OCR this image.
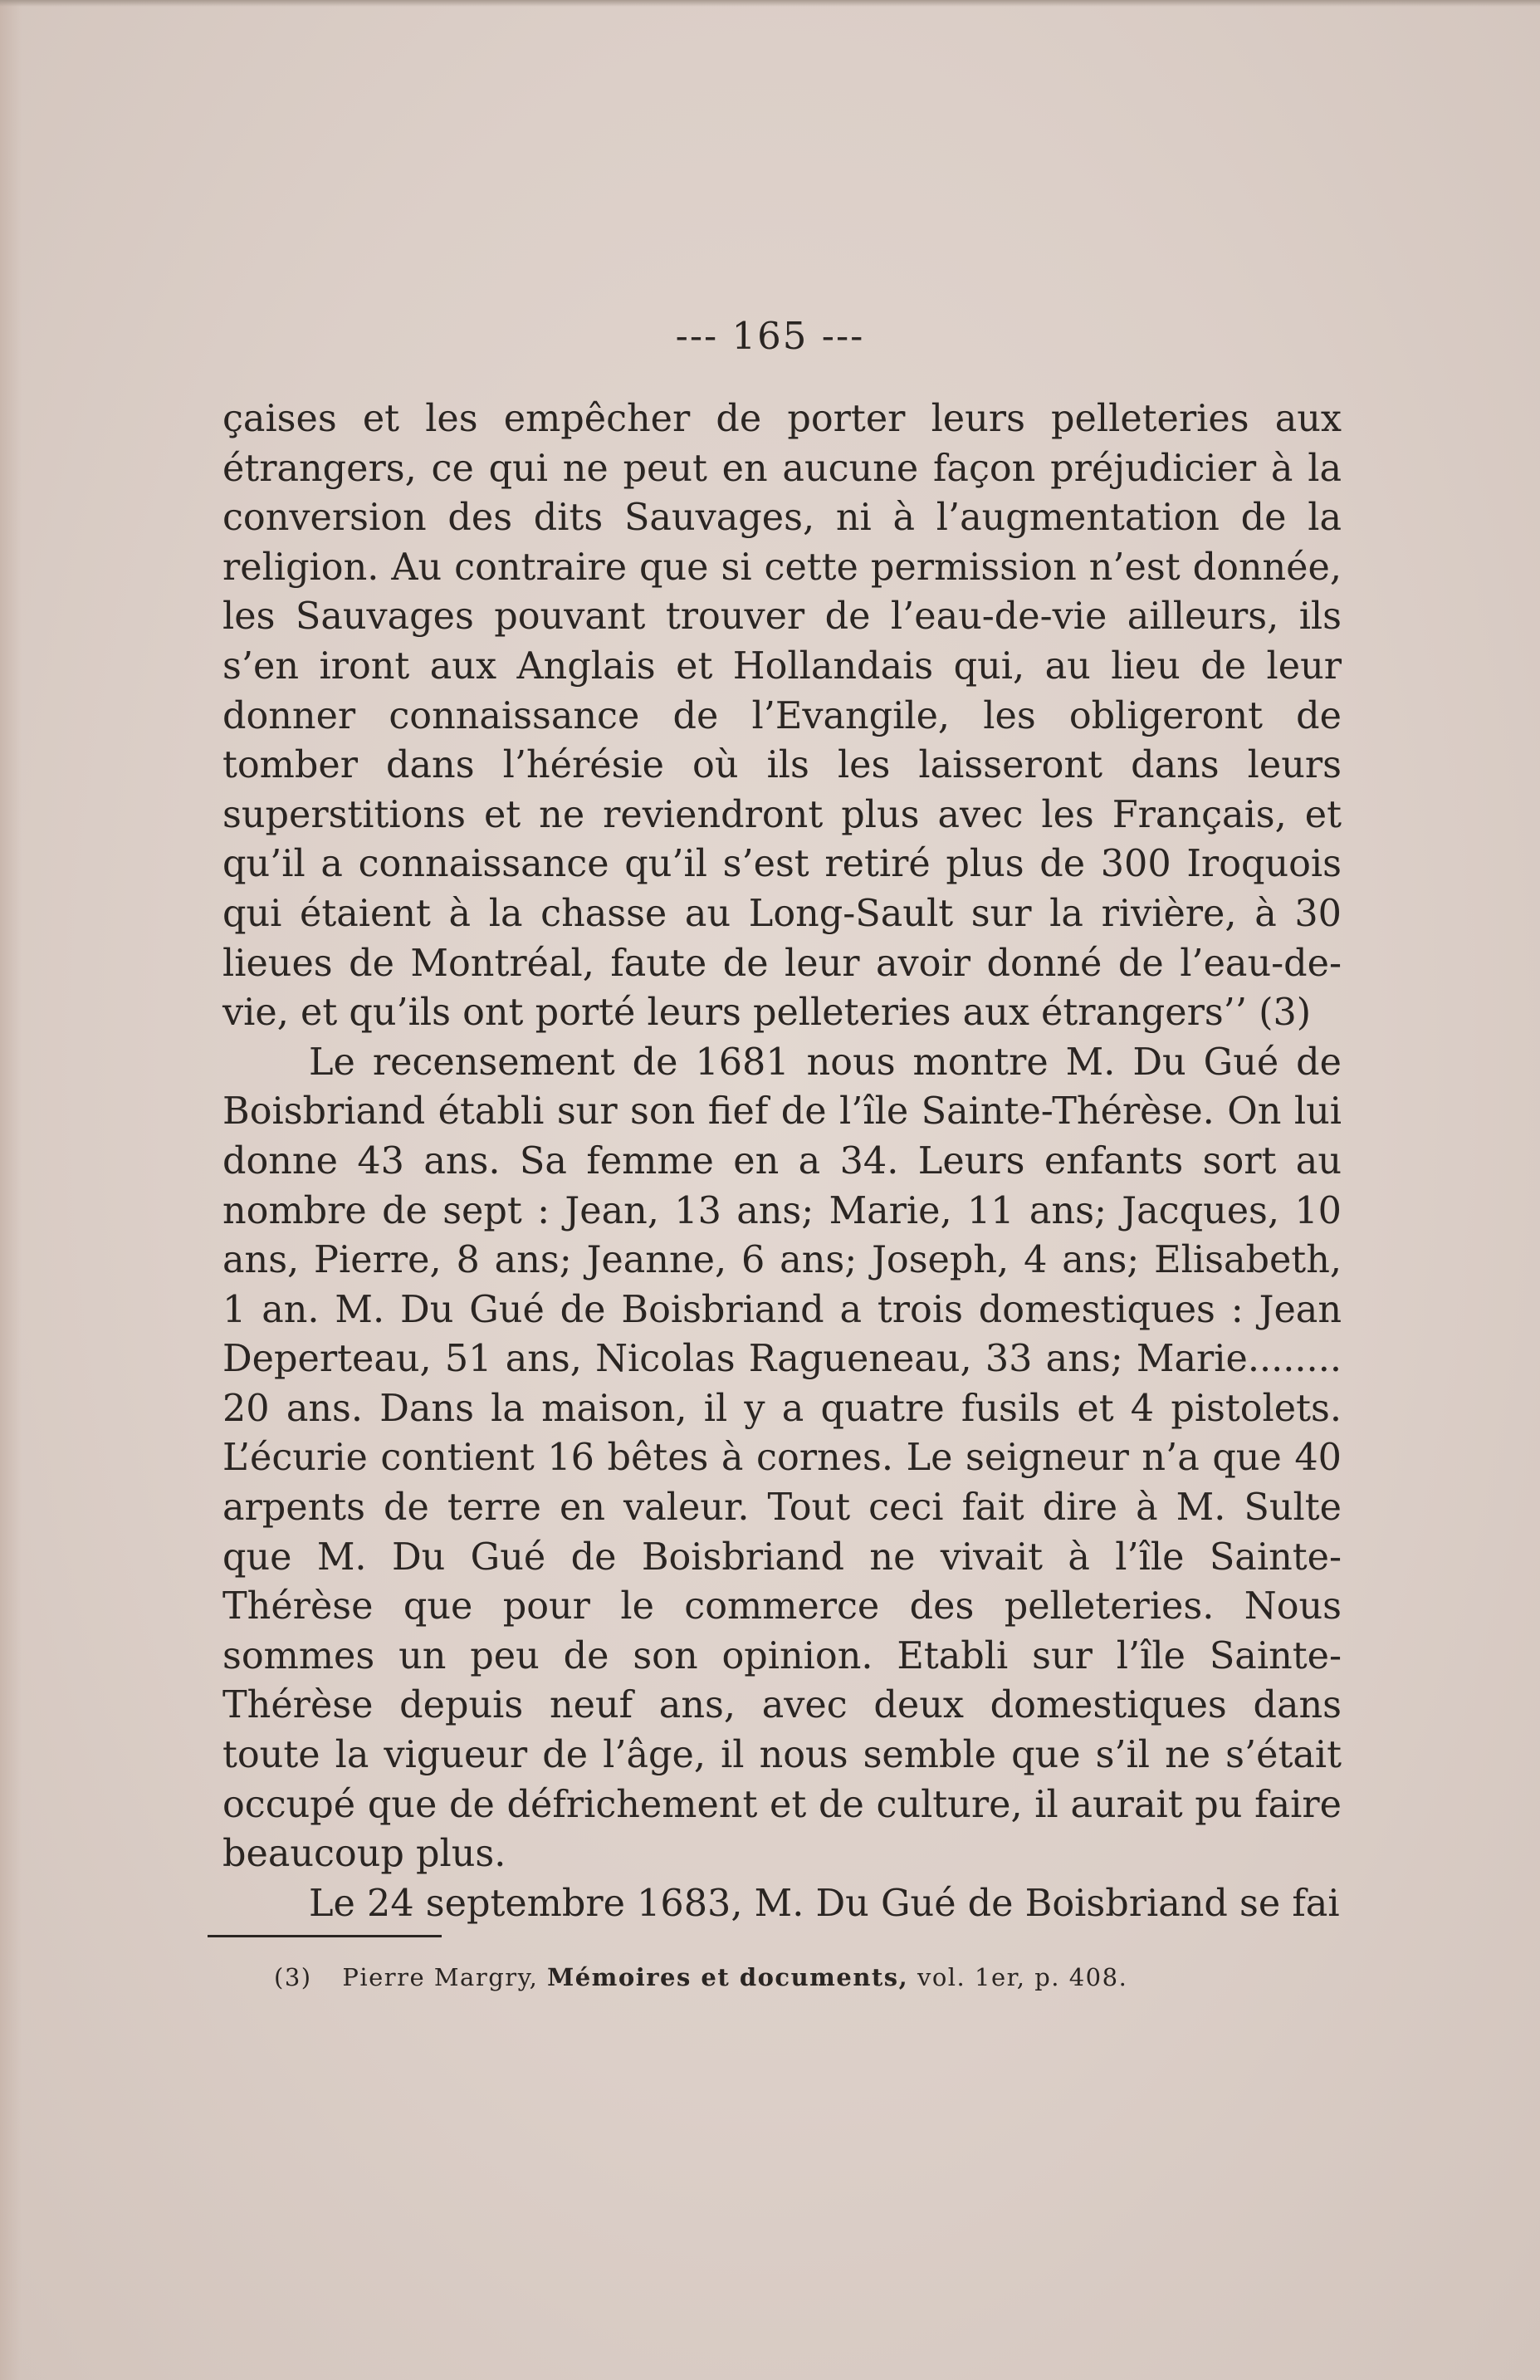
--- 165 ---

çaises et les empêcher de porter leurs pelleteries aux étrangers, ce qui ne peut en aucune façon préjudicier à la conversion des dits Sauvages, ni à l’augmentation de la religion. Au contraire que si cette permission n’est donnée, les Sauvages pouvant trouver de l’eau-de-vie ailleurs, ils s’en iront aux Anglais et Hollandais qui, au lieu de leur donner connaissance de l’Evangile, les obligeront de tomber dans l’hérésie où ils les laisseront dans leurs superstitions et ne reviendront plus avec les Français, et qu’il a connaissance qu’il s’est retiré plus de 300 Iroquois qui étaient à la chasse au Long-Sault sur la rivière, à 30 lieues de Montréal, faute de leur avoir donné de l’eau-de-vie, et qu’ils ont porté leurs pelleteries aux étrangers’’ (3)

Le recensement de 1681 nous montre M. Du Gué de Boisbriand établi sur son fief de l’île Sainte-Thérèse. On lui donne 43 ans. Sa femme en a 34. Leurs enfants sort au nombre de sept : Jean, 13 ans; Marie, 11 ans; Jacques, 10 ans, Pierre, 8 ans; Jeanne, 6 ans; Joseph, 4 ans; Elisabeth, 1 an. M. Du Gué de Boisbriand a trois domestiques : Jean Deperteau, 51 ans, Nicolas Ragueneau, 33 ans; Marie........ 20 ans. Dans la maison, il y a quatre fusils et 4 pistolets. L’écurie contient 16 bêtes à cornes. Le seigneur n’a que 40 arpents de terre en valeur. Tout ceci fait dire à M. Sulte que M. Du Gué de Boisbriand ne vivait à l’île Sainte-Thérèse que pour le commerce des pelleteries. Nous sommes un peu de son opinion. Etabli sur l’île Sainte-Thérèse depuis neuf ans, avec deux domestiques dans toute la vigueur de l’âge, il nous semble que s’il ne s’était occupé que de défrichement et de culture, il aurait pu faire beaucoup plus.

Le 24 septembre 1683, M. Du Gué de Boisbriand se fai

(3) Pierre Margry, Mémoires et documents, vol. 1er, p. 408.
